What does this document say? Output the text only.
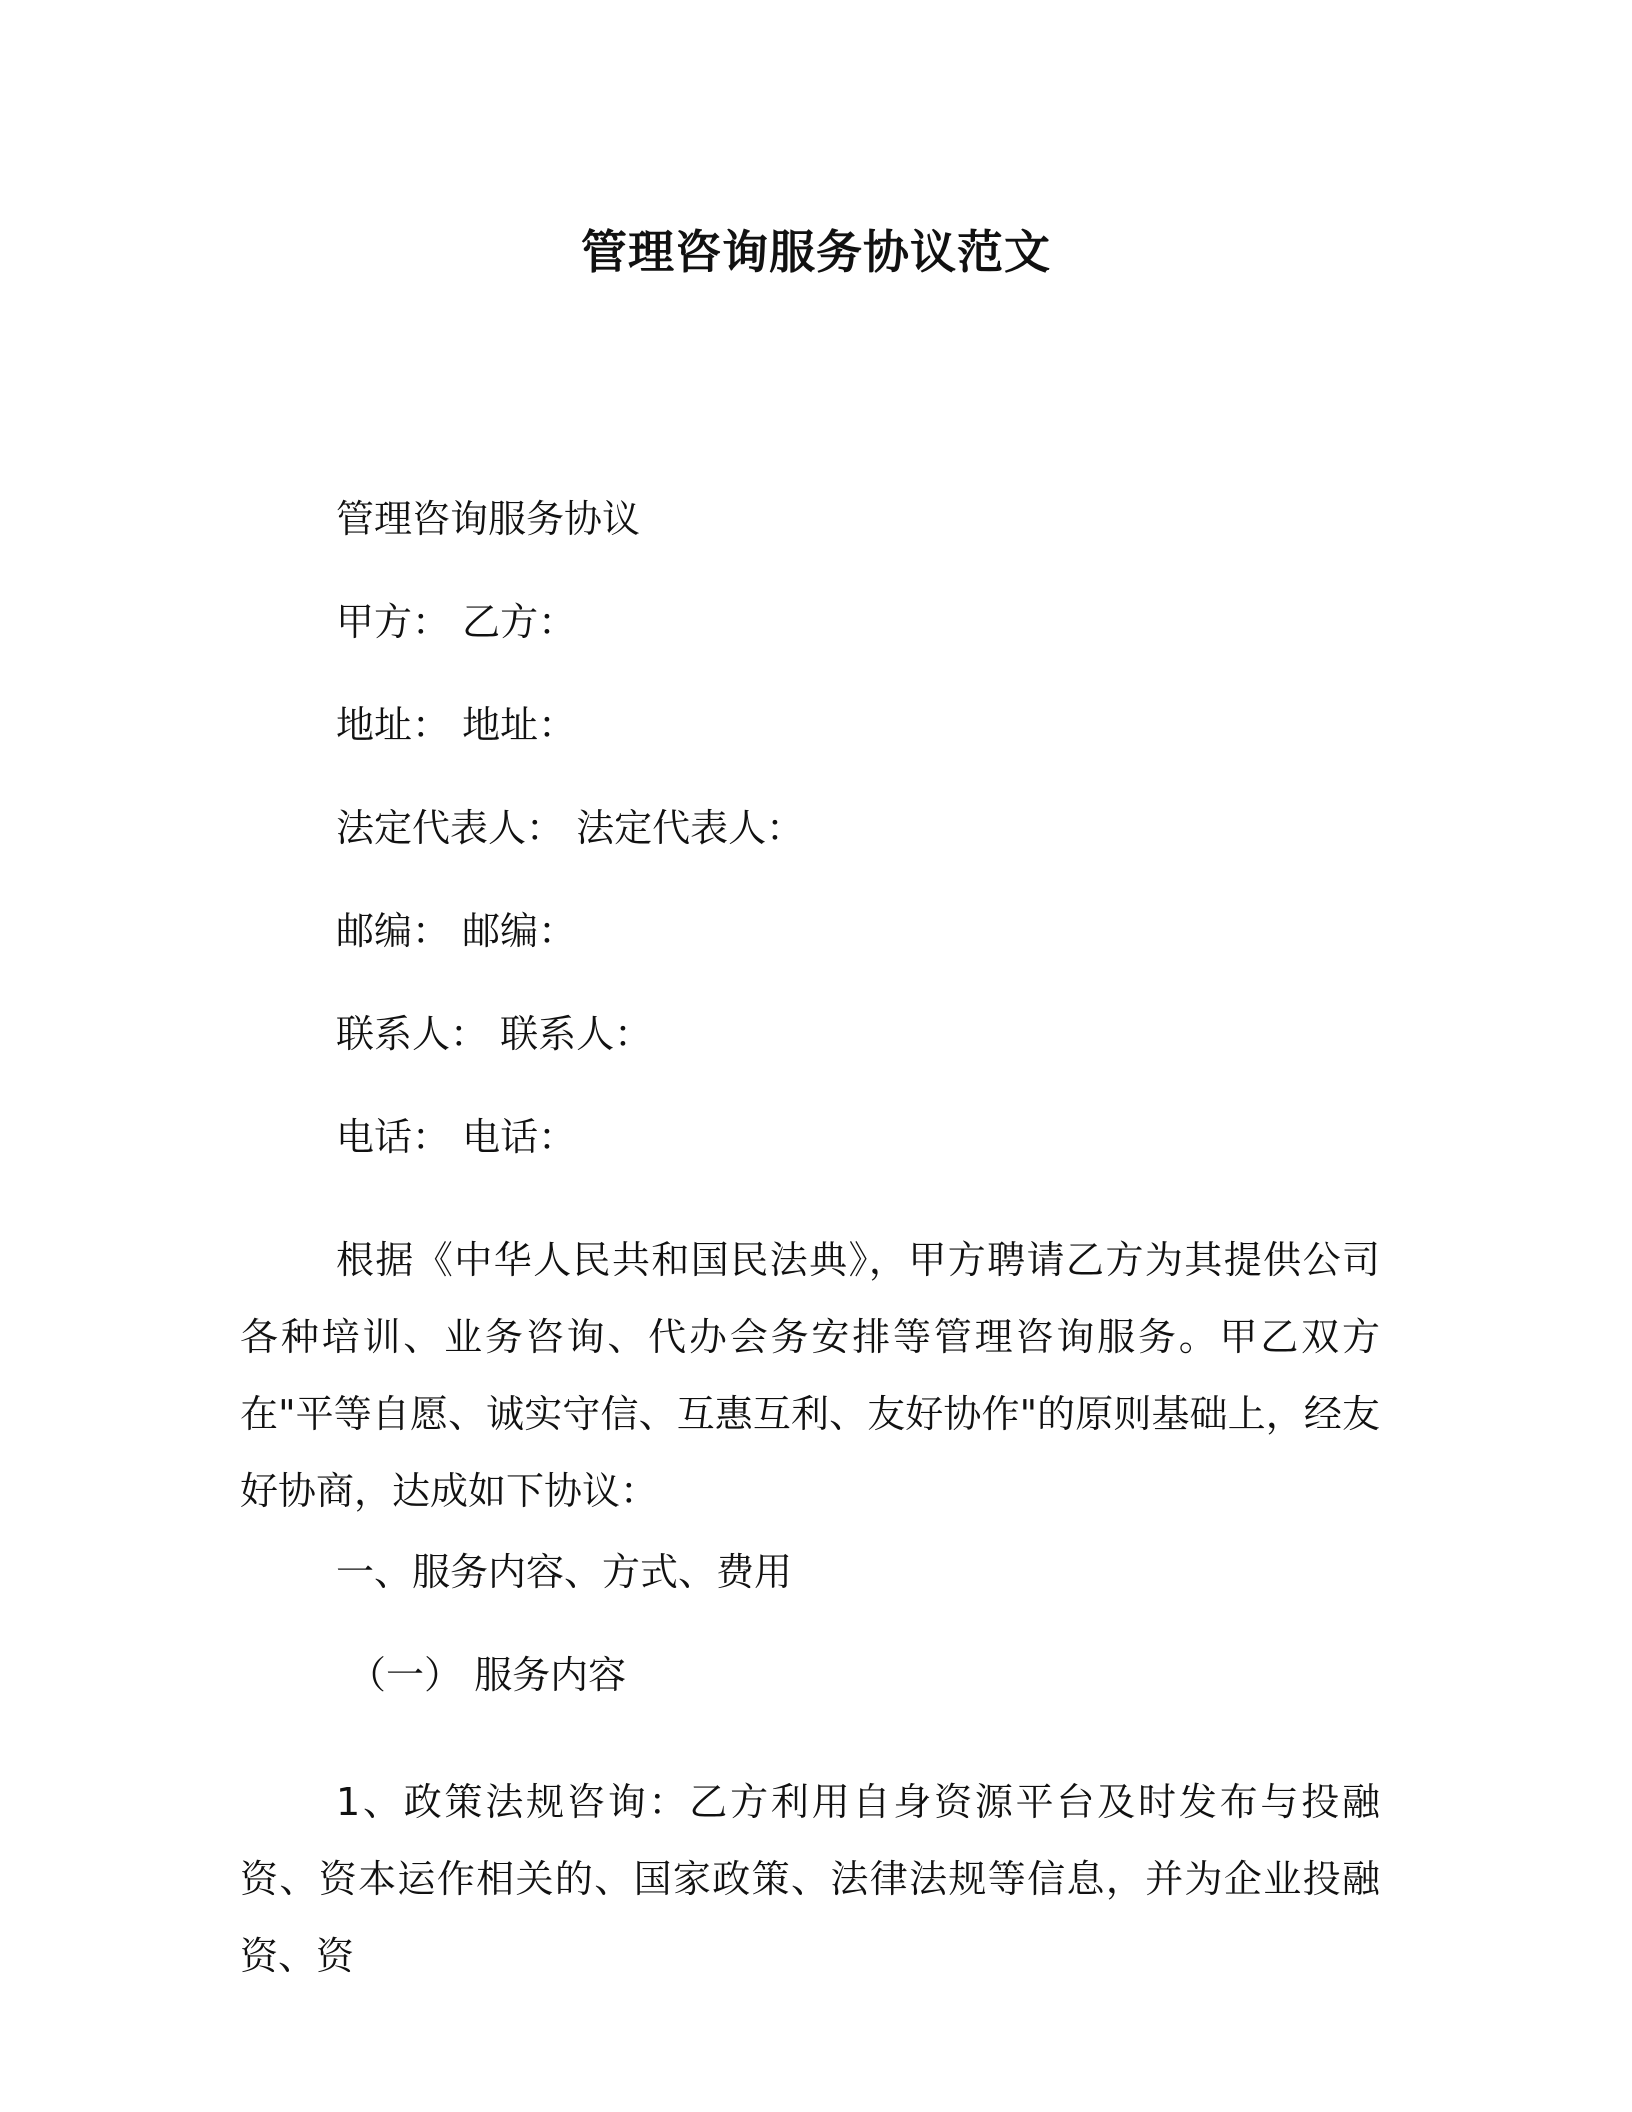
管理咨询服务协议范文
管理咨询服务协议
甲方： 乙方：
地址： 地址：
法定代表人： 法定代表人：
邮编： 邮编：
联系人： 联系人：
电话： 电话：

根据《中华人民共和国民法典》，甲方聘请乙方为其提供公司各种培训、业务咨询、代办会务安排等管理咨询服务。甲乙双方在"平等自愿、诚实守信、互惠互利、友好协作"的原则基础上，经友好协商，达成如下协议：

一、服务内容、方式、费用
（一） 服务内容

1、政策法规咨询：乙方利用自身资源平台及时发布与投融资、资本运作相关的、国家政策、法律法规等信息，并为企业投融资、资
